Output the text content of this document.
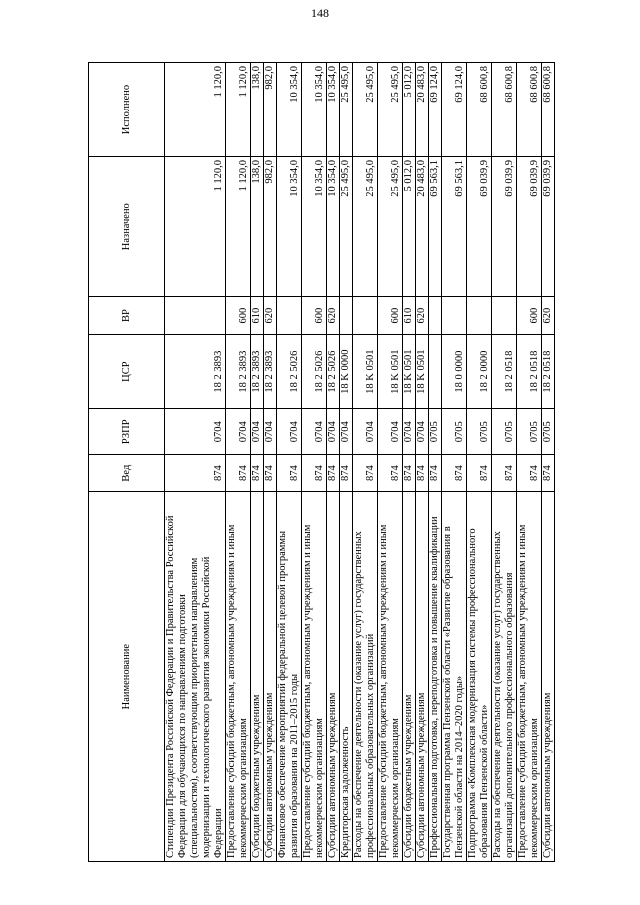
148
Наименование	Вед	РЗПР	ЦСР	ВР	Назначено	Исполнено

Стипендии Президента Российской Федерации и Правительства Российской Федерации для обучающихся по направлениям подготовки (специальностям), соответствующим приоритетным направлениям модернизации и технологического развития экономики Российской Федерации	874	0704	18 2 3893		1 120,0	1 120,0

Предоставление субсидий бюджетным, автономным учреждениям и иным некоммерческим организациям	874	0704	18 2 3893	600	1 120,0	1 120,0

Субсидии бюджетным учреждениям	874	0704	18 2 3893	610	138,0	138,0

Субсидии автономным учреждениям	874	0704	18 2 3893	620	982,0	982,0

Финансовое обеспечение мероприятий федеральной целевой программы развития образования на 2011–2015 годы	874	0704	18 2 5026		10 354,0	10 354,0

Предоставление субсидий бюджетным, автономным учреждениям и иным некоммерческим организациям	874	0704	18 2 5026	600	10 354,0	10 354,0

Субсидии автономным учреждениям	874	0704	18 2 5026	620	10 354,0	10 354,0

Кредиторская задолженность	874	0704	18 K 0000		25 495,0	25 495,0

Расходы на обеспечение деятельности (оказание услуг) государственных профессиональных образовательных организаций	874	0704	18 K 0501		25 495,0	25 495,0

Предоставление субсидий бюджетным, автономным учреждениям и иным некоммерческим организациям	874	0704	18 K 0501	600	25 495,0	25 495,0

Субсидии бюджетным учреждениям	874	0704	18 K 0501	610	5 012,0	5 012,0

Субсидии автономным учреждениям	874	0704	18 K 0501	620	20 483,0	20 483,0

Профессиональная подготовка, переподготовка и повышение квалификации	874	0705			69 563,1	69 124,0

Государственная программа Пензенской области «Развитие образования в Пензенской области на 2014–2020 годы»	874	0705	18 0 0000		69 563,1	69 124,0

Подпрограмма «Комплексная модернизация системы профессионального образования Пензенской области»	874	0705	18 2 0000		69 039,9	68 600,8

Расходы на обеспечение деятельности (оказание услуг) государственных организаций дополнительного профессионального образования	874	0705	18 2 0518		69 039,9	68 600,8

Предоставление субсидий бюджетным, автономным учреждениям и иным некоммерческим организациям	874	0705	18 2 0518	600	69 039,9	68 600,8

Субсидии автономным учреждениям	874	0705	18 2 0518	620	69 039,9	68 600,8
